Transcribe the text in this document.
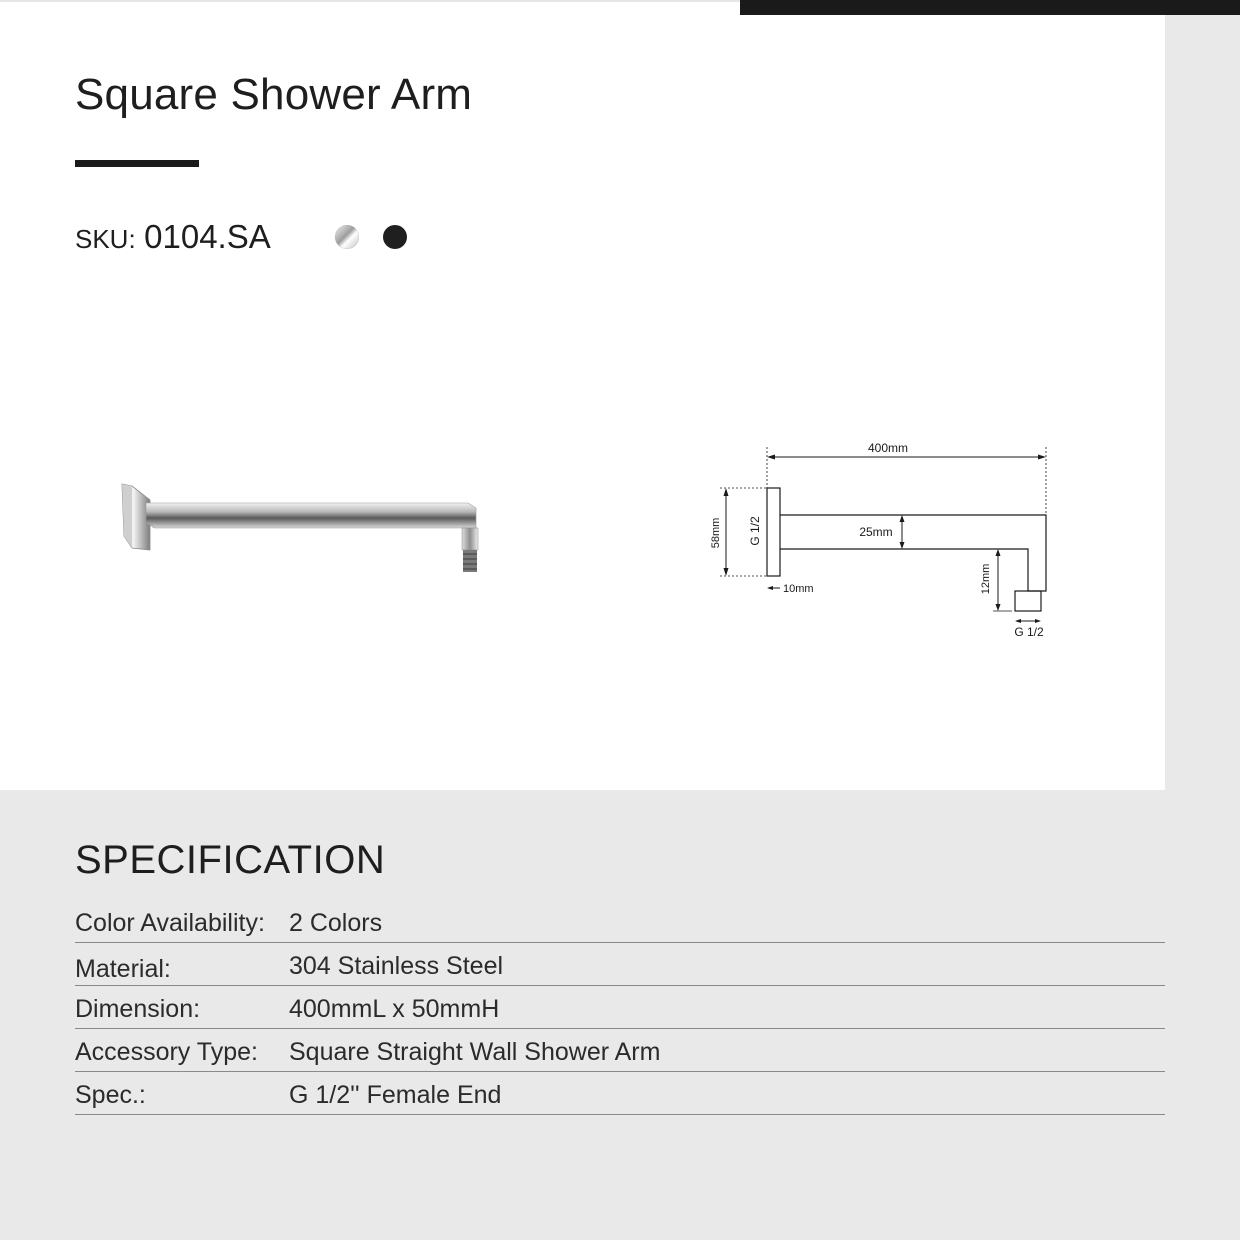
Square Shower Arm
SKU: 0104.SA
400mm
58mm G 1/2	25mm
10mm	12mm
G 1/2
SPECIFICATION
Color Availability: 2 Colors
Material:	304 Stainless Steel
Dimension:	400mmL x 50mmH
Accessory Type: Square Straight Wall Shower Arm
Spec.:	G 1/2'' Female End
